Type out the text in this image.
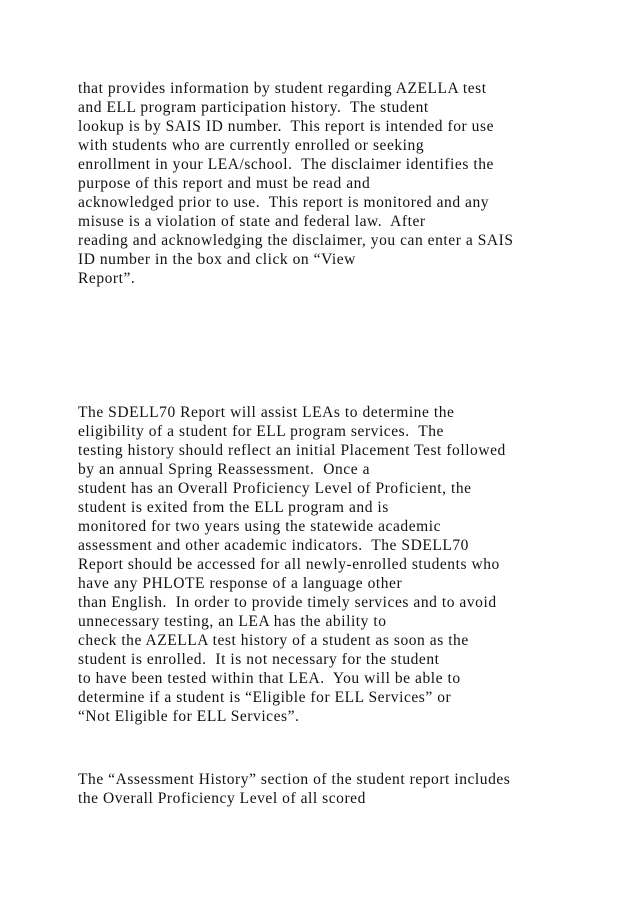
that provides information by student regarding AZELLA test
and ELL program participation history.  The student
lookup is by SAIS ID number.  This report is intended for use
with students who are currently enrolled or seeking
enrollment in your LEA/school.  The disclaimer identifies the
purpose of this report and must be read and
acknowledged prior to use.  This report is monitored and any
misuse is a violation of state and federal law.  After
reading and acknowledging the disclaimer, you can enter a SAIS
ID number in the box and click on “View
Report”.
The SDELL70 Report will assist LEAs to determine the
eligibility of a student for ELL program services.  The
testing history should reflect an initial Placement Test followed
by an annual Spring Reassessment.  Once a
student has an Overall Proficiency Level of Proficient, the
student is exited from the ELL program and is
monitored for two years using the statewide academic
assessment and other academic indicators.  The SDELL70
Report should be accessed for all newly-enrolled students who
have any PHLOTE response of a language other
than English.  In order to provide timely services and to avoid
unnecessary testing, an LEA has the ability to
check the AZELLA test history of a student as soon as the
student is enrolled.  It is not necessary for the student
to have been tested within that LEA.  You will be able to
determine if a student is “Eligible for ELL Services” or
“Not Eligible for ELL Services”.
The “Assessment History” section of the student report includes
the Overall Proficiency Level of all scored
